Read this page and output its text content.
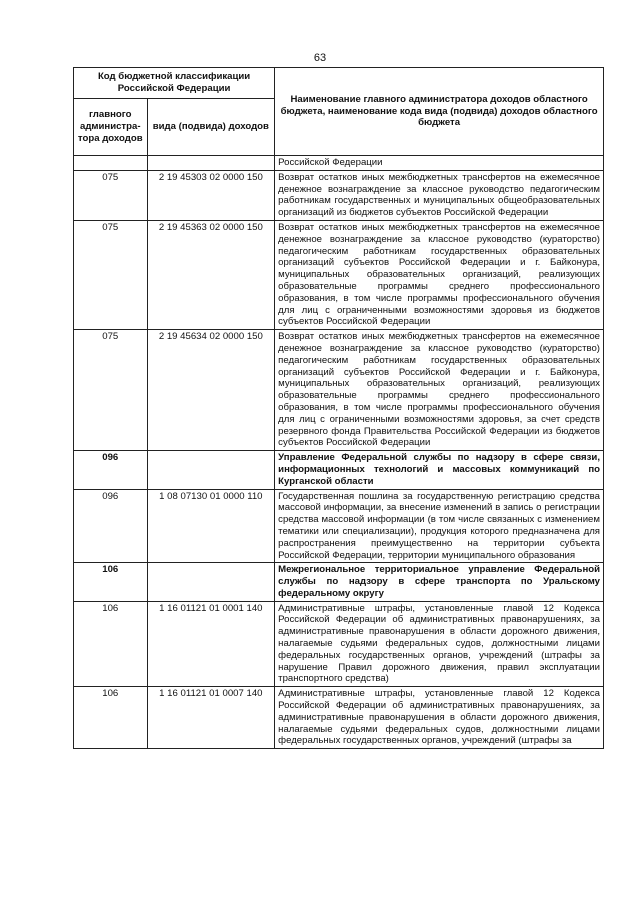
63
Код бюджетной классификации Российской Федерации		Наименование главного администратора доходов областного бюджета, наименование кода вида (подвида) доходов областного бюджета
главного администра-тора доходов	вида (подвида) доходов	
		Российской Федерации
075	2 19 45303 02 0000 150	Возврат остатков иных межбюджетных трансфертов на ежемесячное денежное вознаграждение за классное руководство педагогическим работникам государственных и муниципальных общеобразовательных организаций из бюджетов субъектов Российской Федерации
075	2 19 45363 02 0000 150	Возврат остатков иных межбюджетных трансфертов на ежемесячное денежное вознаграждение за классное руководство (кураторство) педагогическим работникам государственных образовательных организаций субъектов Российской Федерации и г. Байконура, муниципальных образовательных организаций, реализующих образовательные программы среднего профессионального образования, в том числе программы профессионального обучения для лиц с ограниченными возможностями здоровья из бюджетов субъектов Российской Федерации
075	2 19 45634 02 0000 150	Возврат остатков иных межбюджетных трансфертов на ежемесячное денежное вознаграждение за классное руководство (кураторство) педагогическим работникам государственных образовательных организаций субъектов Российской Федерации и г. Байконура, муниципальных образовательных организаций, реализующих образовательные программы среднего профессионального образования, в том числе программы профессионального обучения для лиц с ограниченными возможностями здоровья, за счет средств резервного фонда Правительства Российской Федерации из бюджетов субъектов Российской Федерации
096		Управление Федеральной службы по надзору в сфере связи, информационных технологий и массовых коммуникаций по Курганской области
096	1 08 07130 01 0000 110	Государственная пошлина за государственную регистрацию средства массовой информации, за внесение изменений в запись о регистрации средства массовой информации (в том числе связанных с изменением тематики или специализации), продукция которого предназначена для распространения преимущественно на территории субъекта Российской Федерации, территории муниципального образования
106		Межрегиональное территориальное управление Федеральной службы по надзору в сфере транспорта по Уральскому федеральному округу
106	1 16 01121 01 0001 140	Административные штрафы, установленные главой 12 Кодекса Российской Федерации об административных правонарушениях, за административные правонарушения в области дорожного движения, налагаемые судьями федеральных судов, должностными лицами федеральных государственных органов, учреждений (штрафы за нарушение Правил дорожного движения, правил эксплуатации транспортного средства)
106	1 16 01121 01 0007 140	Административные штрафы, установленные главой 12 Кодекса Российской Федерации об административных правонарушениях, за административные правонарушения в области дорожного движения, налагаемые судьями федеральных судов, должностными лицами федеральных государственных органов, учреждений (штрафы за
